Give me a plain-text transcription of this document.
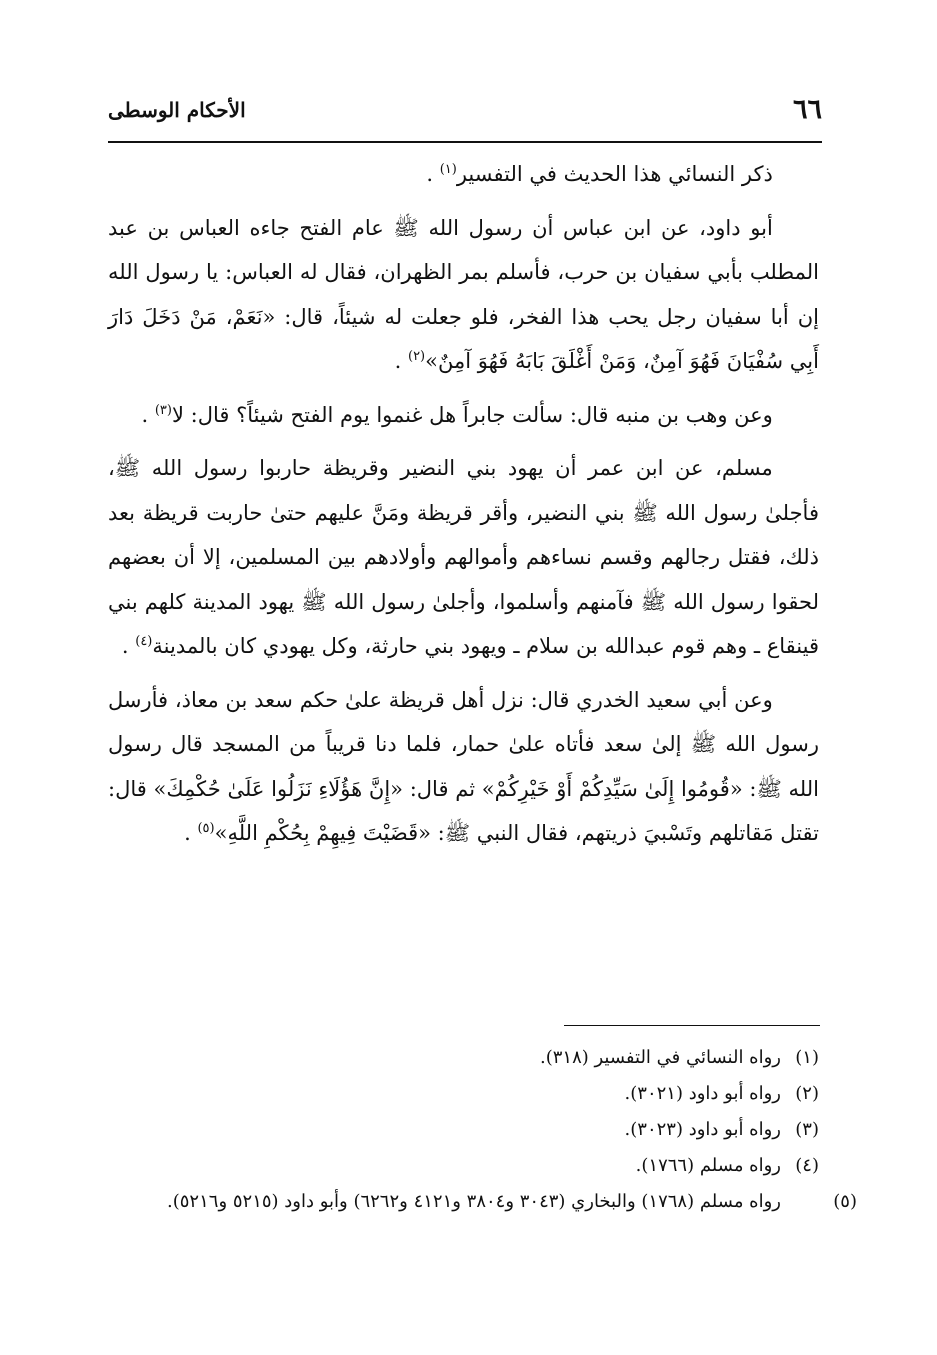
٦٦
الأحكام الوسطى

ذكر النسائي هذا الحديث في التفسير$^{(١)}$ .

أبو داود، عن ابن عباس أن رسول الله ﷺ عام الفتح جاءه العباس بن عبد المطلب بأبي سفيان بن حرب، فأسلم بمر الظهران، فقال له العباس: يا رسول الله إن أبا سفيان رجل يحب هذا الفخر، فلو جعلت له شيئاً، قال: «نَعَمْ، مَنْ دَخَلَ دَارَ أَبِي سُفْيَانَ فَهُوَ آمِنٌ، وَمَنْ أَغْلَقَ بَابَهُ فَهُوَ آمِنٌ»$^{(٢)}$ .

وعن وهب بن منبه قال: سألت جابراً هل غنموا يوم الفتح شيئاً؟ قال: لا$^{(٣)}$ .

مسلم، عن ابن عمر أن يهود بني النضير وقريظة حاربوا رسول الله ﷺ، فأجلىٰ رسول الله ﷺ بني النضير، وأقر قريظة ومَنَّ عليهم حتىٰ حاربت قريظة بعد ذلك، فقتل رجالهم وقسم نساءهم وأموالهم وأولادهم بين المسلمين، إلا أن بعضهم لحقوا رسول الله ﷺ فآمنهم وأسلموا، وأجلىٰ رسول الله ﷺ يهود المدينة كلهم بني قينقاع ـ وهم قوم عبدالله بن سلام ـ ويهود بني حارثة، وكل يهودي كان بالمدينة$^{(٤)}$ .

وعن أبي سعيد الخدري قال: نزل أهل قريظة علىٰ حكم سعد بن معاذ، فأرسل رسول الله ﷺ إلىٰ سعد فأتاه علىٰ حمار، فلما دنا قريباً من المسجد قال رسول الله ﷺ: «قُومُوا إِلَىٰ سَيِّدِكُمْ أَوْ خَيْرِكُمْ» ثم قال: «إِنَّ هَؤُلَاءِ نَزَلُوا عَلَىٰ حُكْمِكَ» قال: تقتل مَقاتلهم وتَسْبيَ ذريتهم، فقال النبي ﷺ: «قَضَيْتَ فِيهِمْ بِحُكْمِ اللَّهِ»$^{(٥)}$ .

(١)رواه النسائي في التفسير (٣١٨).

(٢)رواه أبو داود (٣٠٢١).

(٣)رواه أبو داود (٣٠٢٣).

(٤)رواه مسلم (١٧٦٦).

(٥)رواه مسلم (١٧٦٨) والبخاري (٣٠٤٣ و٣٨٠٤ و٤١٢١ و٦٢٦٢) وأبو داود (٥٢١٥ و٥٢١٦).
